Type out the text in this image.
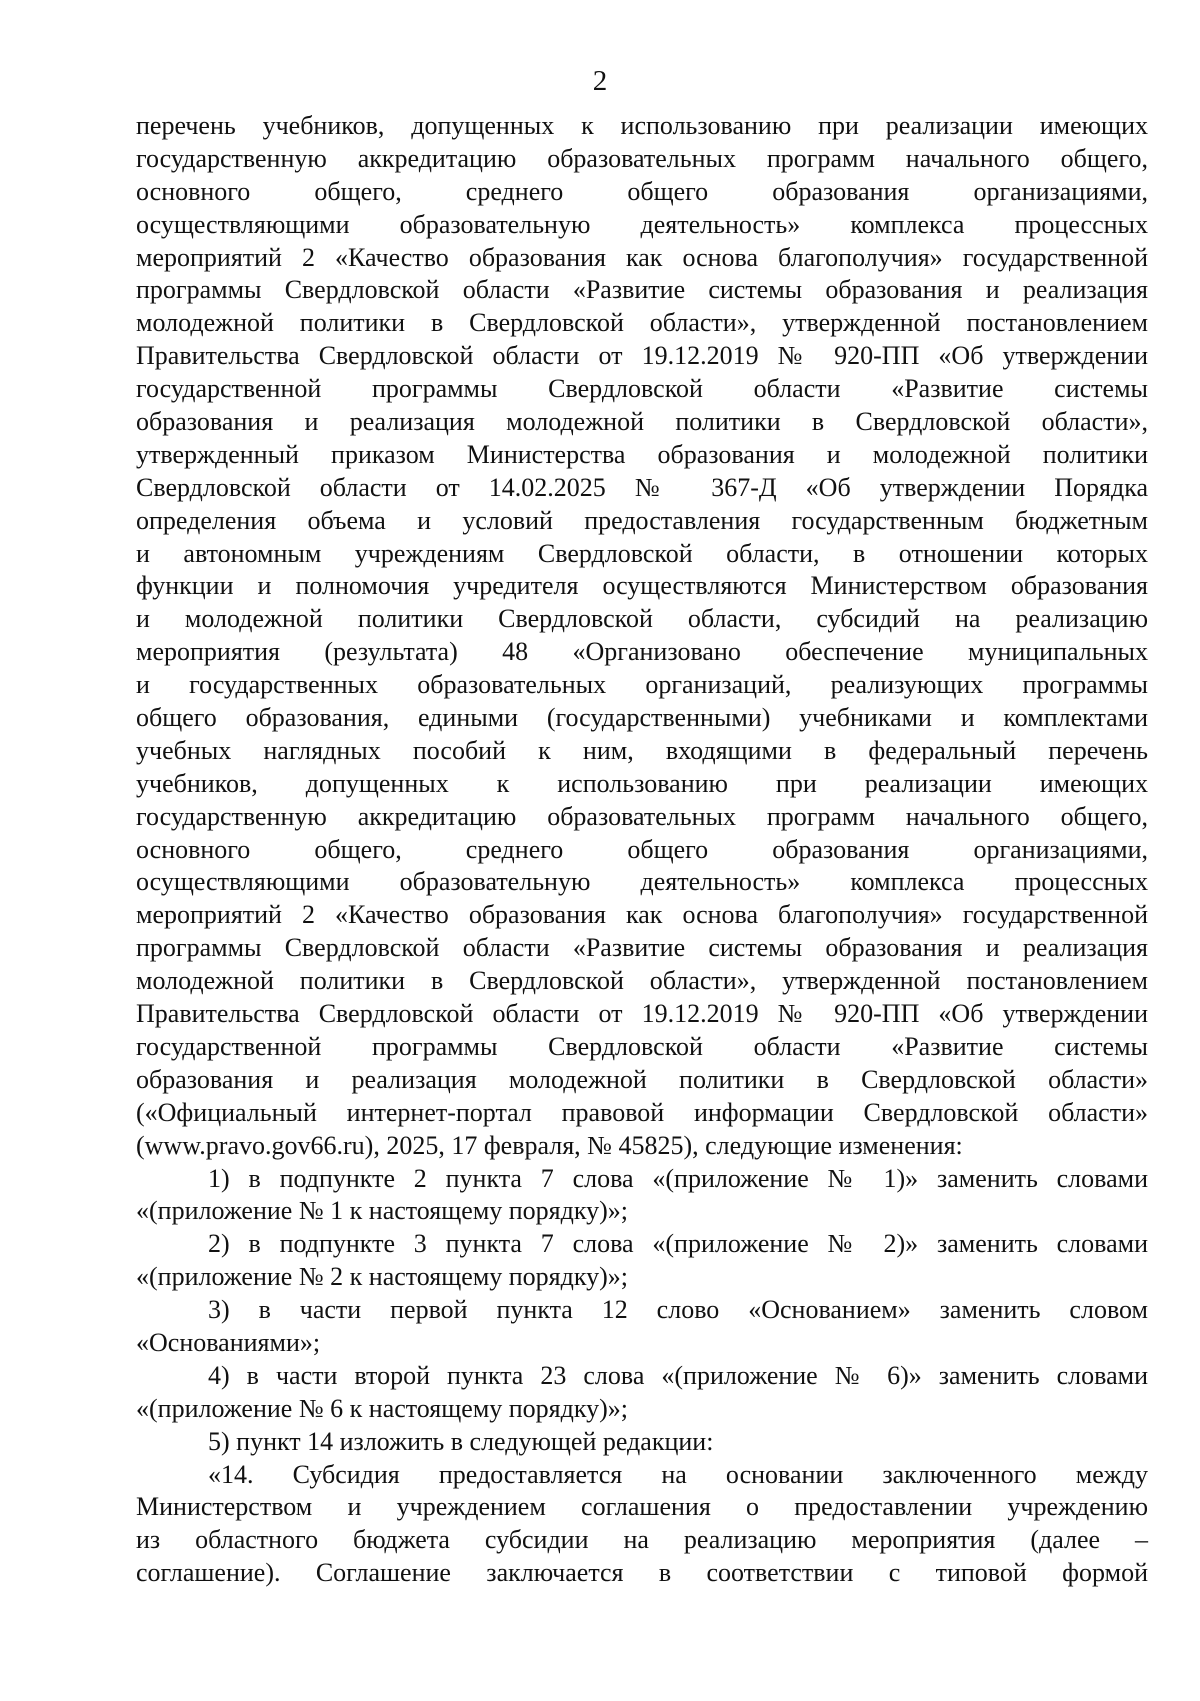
2
перечень учебников, допущенных к использованию при реализации имеющих
государственную аккредитацию образовательных программ начального общего,
основного общего, среднего общего образования организациями,
осуществляющими образовательную деятельность» комплекса процессных
мероприятий 2 «Качество образования как основа благополучия» государственной
программы Свердловской области «Развитие системы образования и реализация
молодежной политики в Свердловской области», утвержденной постановлением
Правительства Свердловской области от 19.12.2019 № 920-ПП «Об утверждении
государственной программы Свердловской области «Развитие системы
образования и реализация молодежной политики в Свердловской области»,
утвержденный приказом Министерства образования и молодежной политики
Свердловской области от 14.02.2025 № 367-Д «Об утверждении Порядка
определения объема и условий предоставления государственным бюджетным
и автономным учреждениям Свердловской области, в отношении которых
функции и полномочия учредителя осуществляются Министерством образования
и молодежной политики Свердловской области, субсидий на реализацию
мероприятия (результата) 48 «Организовано обеспечение муниципальных
и государственных образовательных организаций, реализующих программы
общего образования, едиными (государственными) учебниками и комплектами
учебных наглядных пособий к ним, входящими в федеральный перечень
учебников, допущенных к использованию при реализации имеющих
государственную аккредитацию образовательных программ начального общего,
основного общего, среднего общего образования организациями,
осуществляющими образовательную деятельность» комплекса процессных
мероприятий 2 «Качество образования как основа благополучия» государственной
программы Свердловской области «Развитие системы образования и реализация
молодежной политики в Свердловской области», утвержденной постановлением
Правительства Свердловской области от 19.12.2019 № 920-ПП «Об утверждении
государственной программы Свердловской области «Развитие системы
образования и реализация молодежной политики в Свердловской области»
(«Официальный интернет-портал правовой информации Свердловской области»
(www.pravo.gov66.ru), 2025, 17 февраля, № 45825), следующие изменения:
1) в подпункте 2 пункта 7 слова «(приложение № 1)» заменить словами
«(приложение № 1 к настоящему порядку)»;
2) в подпункте 3 пункта 7 слова «(приложение № 2)» заменить словами
«(приложение № 2 к настоящему порядку)»;
3) в части первой пункта 12 слово «Основанием» заменить словом
«Основаниями»;
4) в части второй пункта 23 слова «(приложение № 6)» заменить словами
«(приложение № 6 к настоящему порядку)»;
5) пункт 14 изложить в следующей редакции:
«14. Субсидия предоставляется на основании заключенного между
Министерством и учреждением соглашения о предоставлении учреждению
из областного бюджета субсидии на реализацию мероприятия (далее –
соглашение). Соглашение заключается в соответствии с типовой формой
